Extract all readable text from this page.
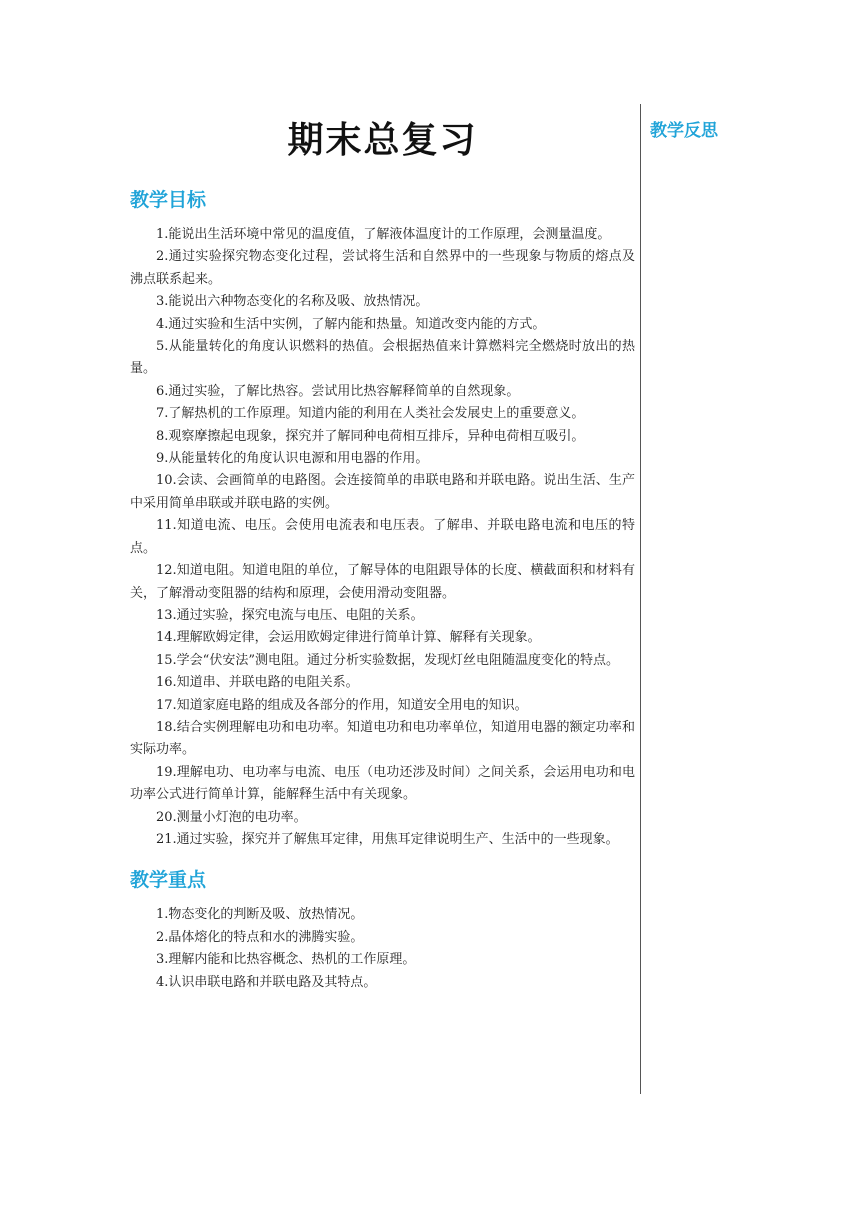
教学反思
期末总复习
教学目标

1.能说出生活环境中常见的温度值，了解液体温度计的工作原理，会测量温度。

2.通过实验探究物态变化过程，尝试将生活和自然界中的一些现象与物质的熔点及沸点联系起来。

3.能说出六种物态变化的名称及吸、放热情况。

4.通过实验和生活中实例，了解内能和热量。知道改变内能的方式。

5.从能量转化的角度认识燃料的热值。会根据热值来计算燃料完全燃烧时放出的热量。

6.通过实验，了解比热容。尝试用比热容解释简单的自然现象。

7.了解热机的工作原理。知道内能的利用在人类社会发展史上的重要意义。

8.观察摩擦起电现象，探究并了解同种电荷相互排斥，异种电荷相互吸引。

9.从能量转化的角度认识电源和用电器的作用。

10.会读、会画简单的电路图。会连接简单的串联电路和并联电路。说出生活、生产中采用简单串联或并联电路的实例。

11.知道电流、电压。会使用电流表和电压表。了解串、并联电路电流和电压的特点。

12.知道电阻。知道电阻的单位，了解导体的电阻跟导体的长度、横截面积和材料有关，了解滑动变阻器的结构和原理，会使用滑动变阻器。

13.通过实验，探究电流与电压、电阻的关系。

14.理解欧姆定律，会运用欧姆定律进行简单计算、解释有关现象。

15.学会“伏安法”测电阻。通过分析实验数据，发现灯丝电阻随温度变化的特点。

16.知道串、并联电路的电阻关系。

17.知道家庭电路的组成及各部分的作用，知道安全用电的知识。

18.结合实例理解电功和电功率。知道电功和电功率单位，知道用电器的额定功率和实际功率。

19.理解电功、电功率与电流、电压（电功还涉及时间）之间关系，会运用电功和电功率公式进行简单计算，能解释生活中有关现象。

20.测量小灯泡的电功率。

21.通过实验，探究并了解焦耳定律，用焦耳定律说明生产、生活中的一些现象。

教学重点

1.物态变化的判断及吸、放热情况。

2.晶体熔化的特点和水的沸腾实验。

3.理解内能和比热容概念、热机的工作原理。

4.认识串联电路和并联电路及其特点。
